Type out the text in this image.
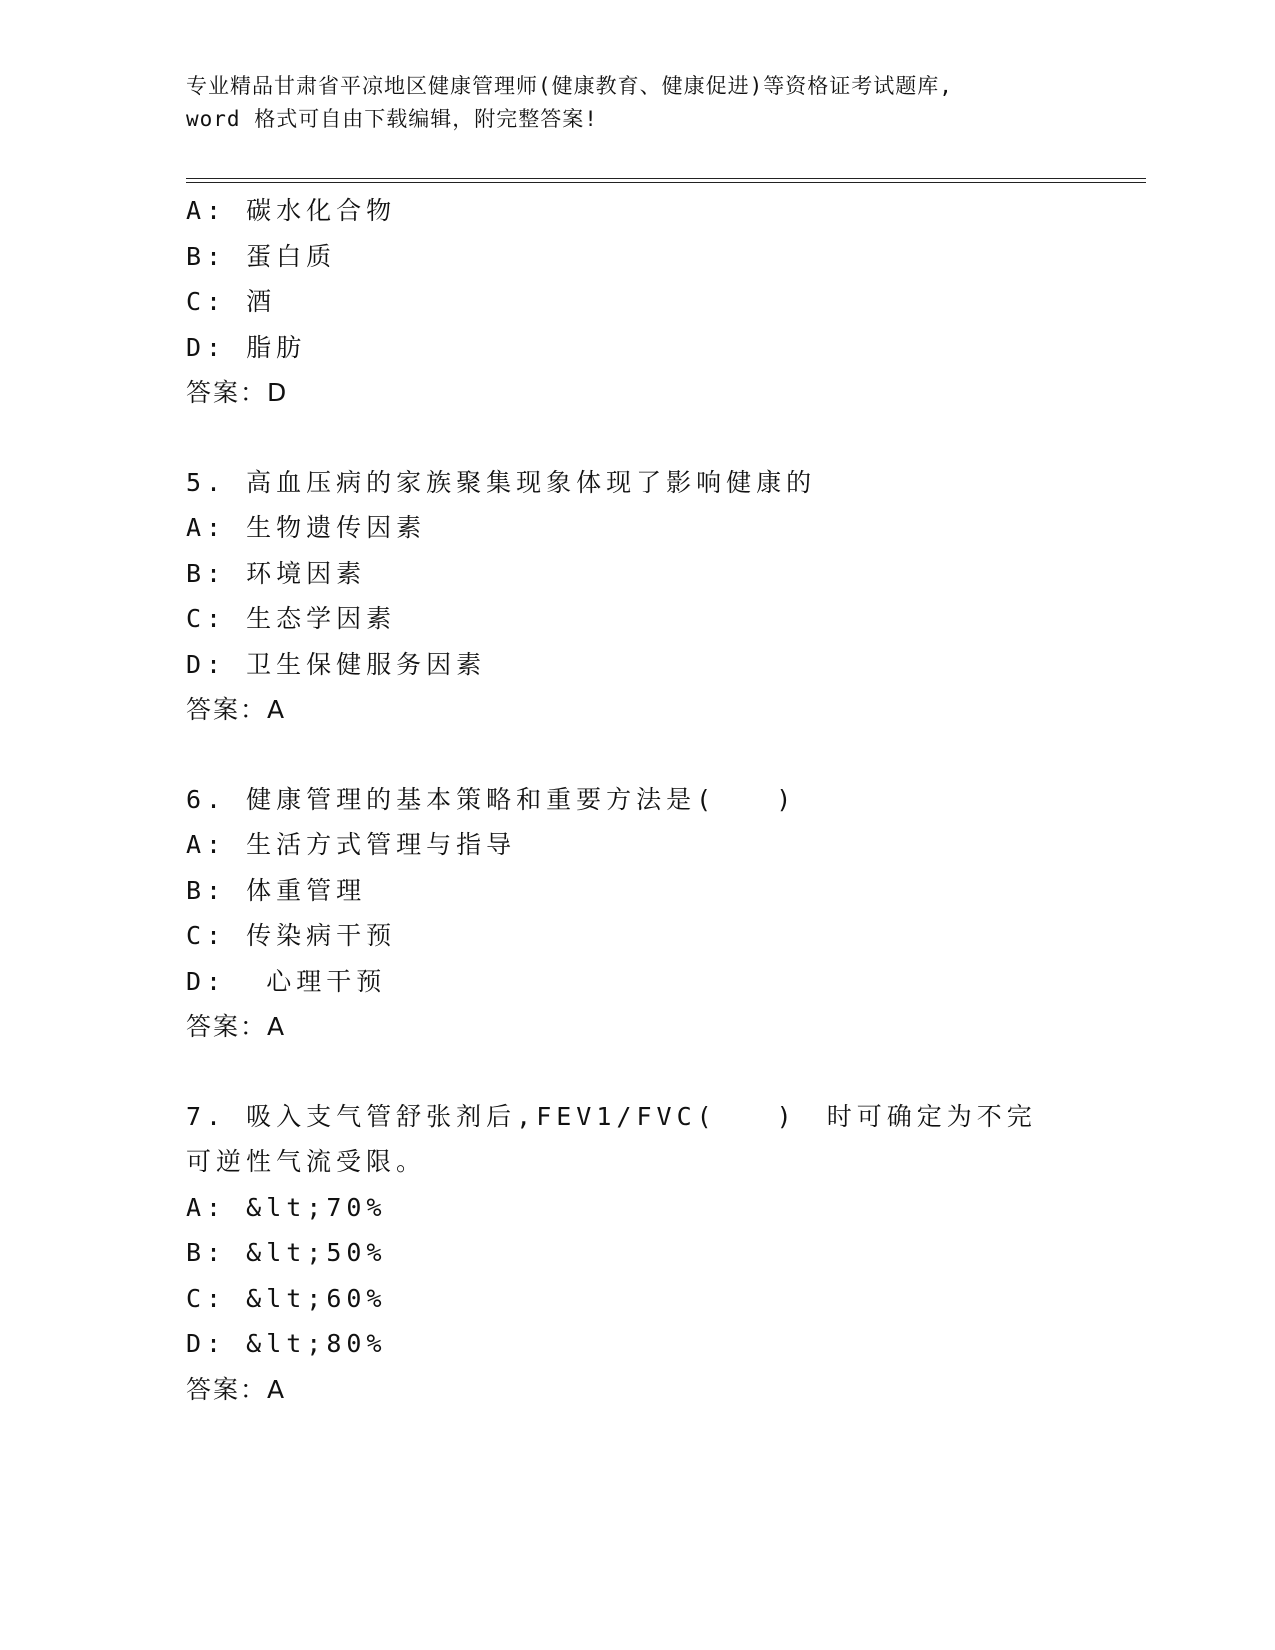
专业精品甘肃省平凉地区健康管理师(健康教育、健康促进)等资格证考试题库,
word 格式可自由下载编辑，附完整答案!
A: 碳水化合物
B: 蛋白质
C: 酒
D: 脂肪
答案：D
5. 高血压病的家族聚集现象体现了影响健康的
A: 生物遗传因素
B: 环境因素
C: 生态学因素
D: 卫生保健服务因素
答案：A
6. 健康管理的基本策略和重要方法是(　　)
A: 生活方式管理与指导
B: 体重管理
C: 传染病干预
D:  心理干预
答案：A
7. 吸入支气管舒张剂后,FEV1/FVC(　　)　时可确定为不完可逆性气流受限。
A: &lt;70%
B: &lt;50%
C: &lt;60%
D: &lt;80%
答案：A
